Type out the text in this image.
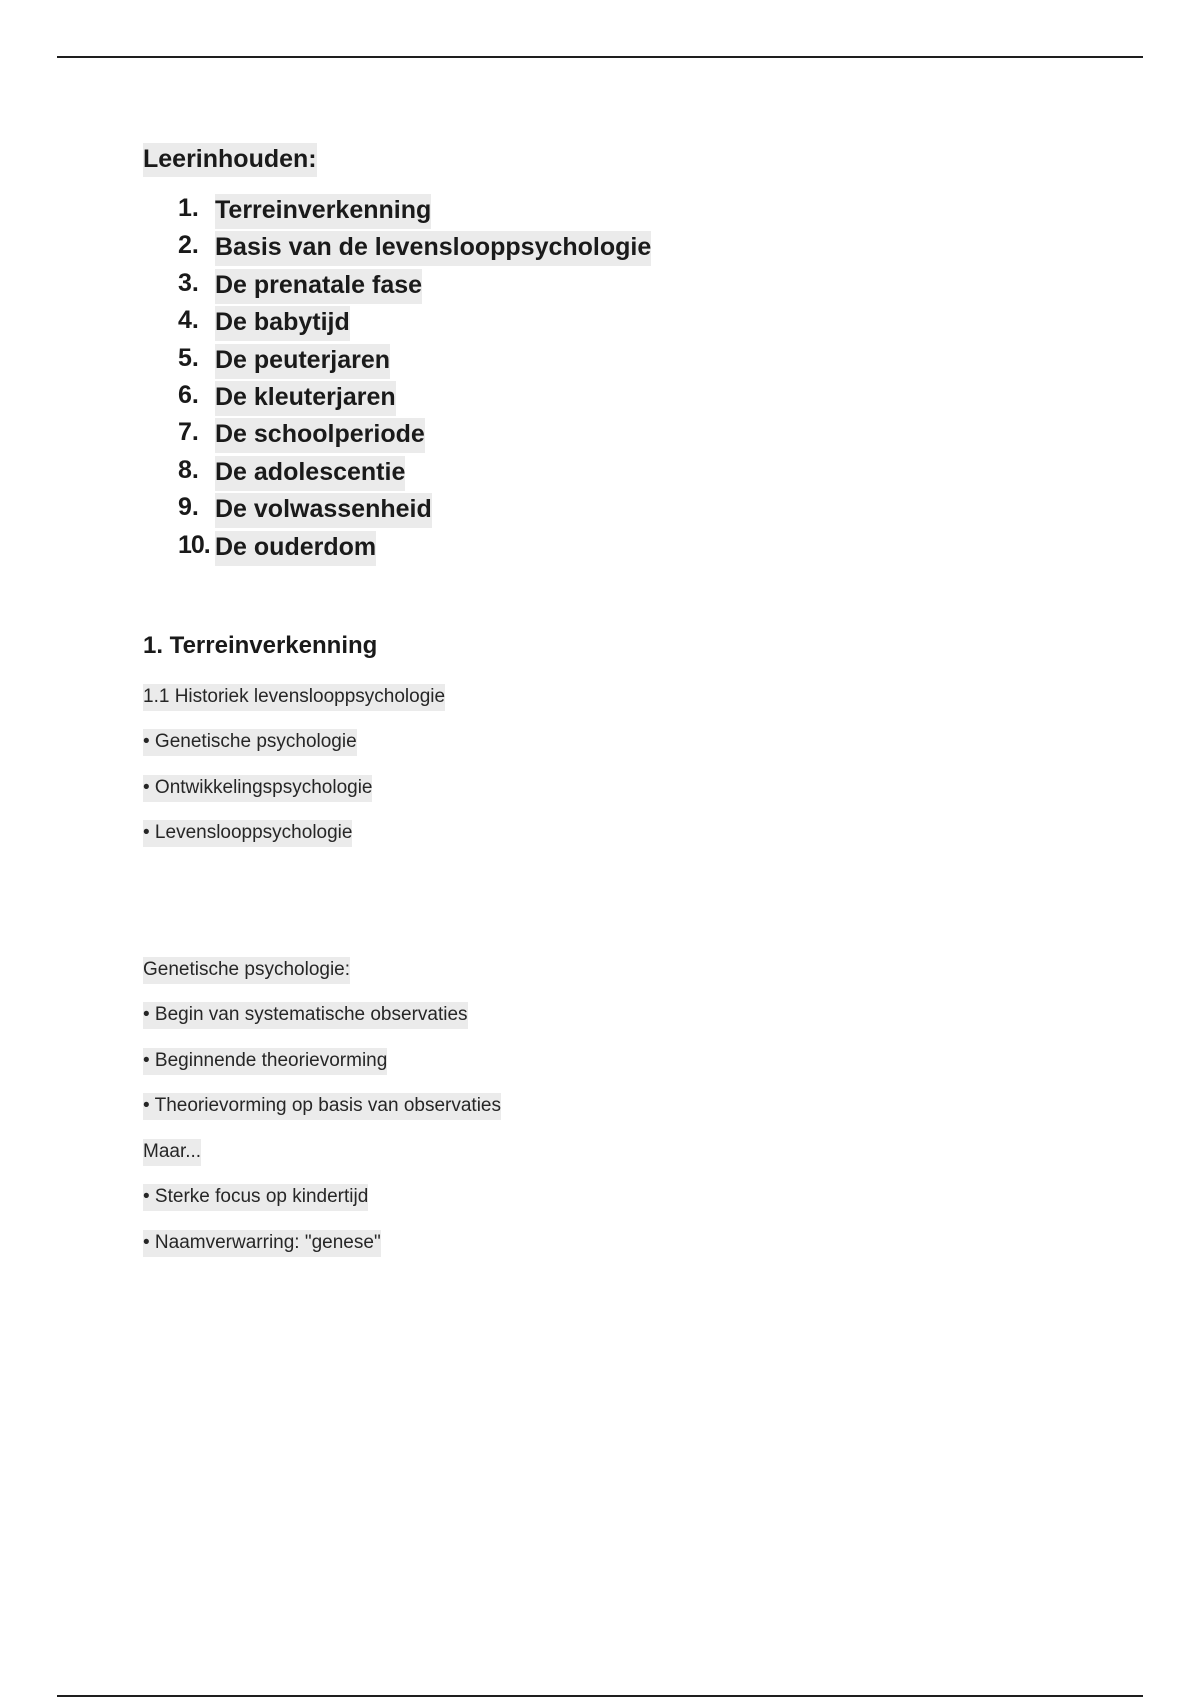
Leerinhouden:
1. Terreinverkenning
2. Basis van de levenslooppsychologie
3. De prenatale fase
4. De babytijd
5. De peuterjaren
6. De kleuterjaren
7. De schoolperiode
8. De adolescentie
9. De volwassenheid
10. De ouderdom
1. Terreinverkenning
1.1 Historiek levenslooppsychologie
• Genetische psychologie
• Ontwikkelingspsychologie
• Levenslooppsychologie
Genetische psychologie:
• Begin van systematische observaties
• Beginnende theorievorming
• Theorievorming op basis van observaties
Maar...
• Sterke focus op kindertijd
• Naamverwarring: "genese"
